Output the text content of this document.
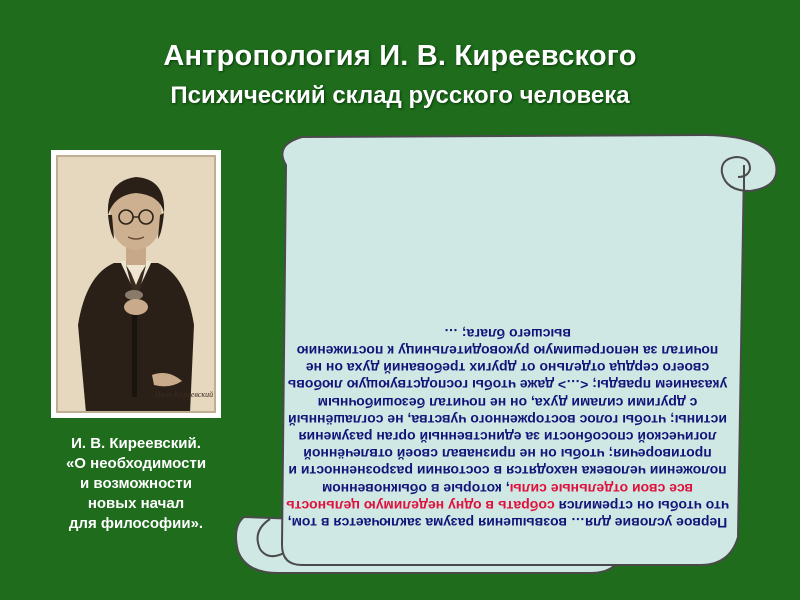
Антропология И. В. Киреевского
Психический склад русского человека
Иван Киреевский
И. В. Киреевский.
«О необходимости
и возможности
новых начал
для философии».	Первое условие для… возвышения разума заключается в том, что чтобы он стремился собрать в одну неделимую цельность все свои отдельные силы, которые в обыкновенном положении человека находятся в состоянии разрозненности и противоречия; чтобы он не признавал своей отвлечённой логической способности за единственный орган разумения истины; чтобы голос восторженного чувства, не соглашённый с другими силами духа, он не почитал безошибочным указанием правды; <…> даже чтобы господствующую любовь своего сердца отдельно от других требований духа он не почитал за непогрешимую руководительницу к постижению высшего блага; …
